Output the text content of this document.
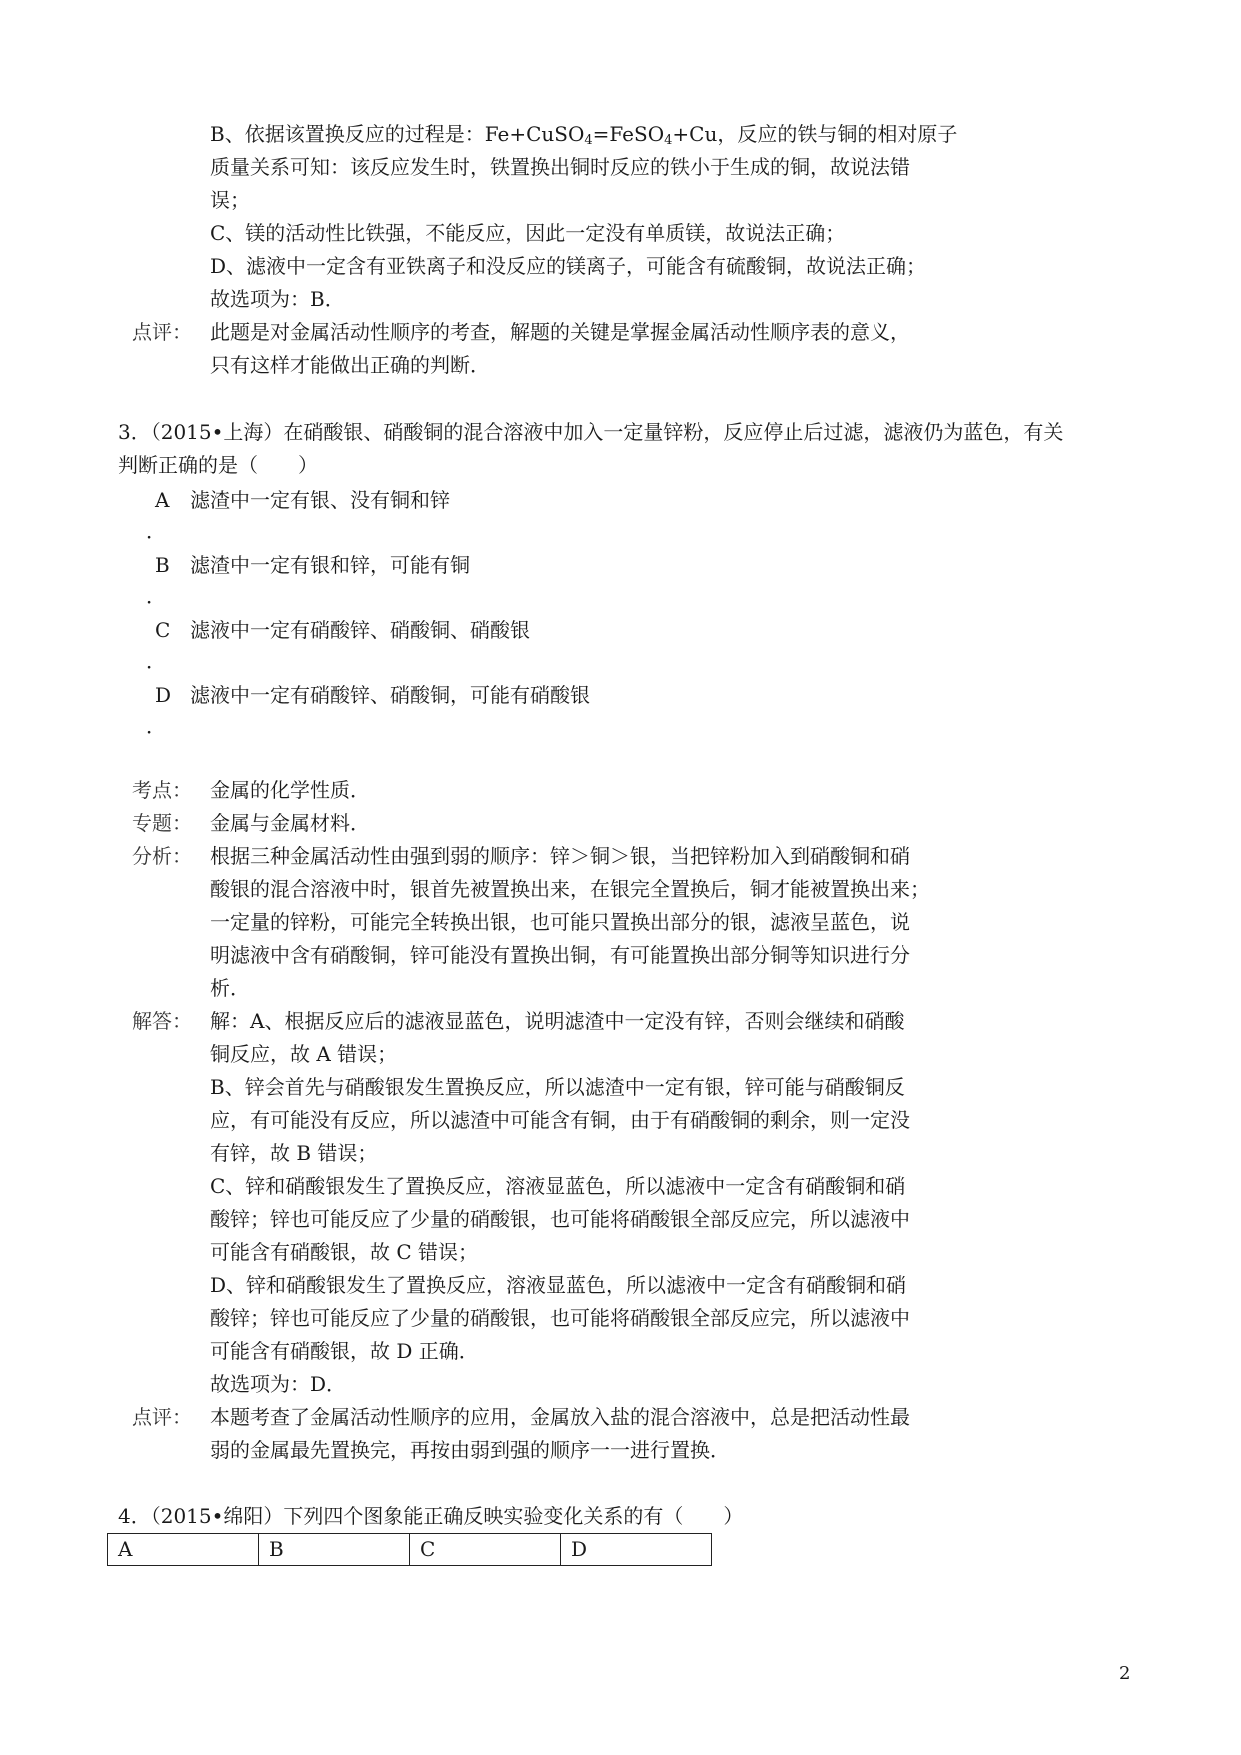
B、依据该置换反应的过程是：Fe+CuSO$_4$=FeSO$_4$+Cu，反应的铁与铜的相对原子
质量关系可知：该反应发生时，铁置换出铜时反应的铁小于生成的铜，故说法错
误；
C、镁的活动性比铁强，不能反应，因此一定没有单质镁，故说法正确；
D、滤液中一定含有亚铁离子和没反应的镁离子，可能含有硫酸铜，故说法正确；
故选项为：B．
点评： 此题是对金属活动性顺序的考查，解题的关键是掌握金属活动性顺序表的意义，
只有这样才能做出正确的判断．
3．（2015•上海）在硝酸银、硝酸铜的混合溶液中加入一定量锌粉，反应停止后过滤，滤液仍为蓝色，有关
判断正确的是（　　）
A 滤渣中一定有银、没有铜和锌
．
B 滤渣中一定有银和锌，可能有铜
．
C 滤液中一定有硝酸锌、硝酸铜、硝酸银
．
D 滤液中一定有硝酸锌、硝酸铜，可能有硝酸银
．
考点： 金属的化学性质．
专题： 金属与金属材料．
分析： 根据三种金属活动性由强到弱的顺序：锌＞铜＞银，当把锌粉加入到硝酸铜和硝
酸银的混合溶液中时，银首先被置换出来，在银完全置换后，铜才能被置换出来；
一定量的锌粉，可能完全转换出银，也可能只置换出部分的银，滤液呈蓝色，说
明滤液中含有硝酸铜，锌可能没有置换出铜，有可能置换出部分铜等知识进行分
析．
解答： 解：A、根据反应后的滤液显蓝色，说明滤渣中一定没有锌，否则会继续和硝酸
铜反应，故 A 错误；
B、锌会首先与硝酸银发生置换反应，所以滤渣中一定有银，锌可能与硝酸铜反
应，有可能没有反应，所以滤渣中可能含有铜，由于有硝酸铜的剩余，则一定没
有锌，故 B 错误；
C、锌和硝酸银发生了置换反应，溶液显蓝色，所以滤液中一定含有硝酸铜和硝
酸锌；锌也可能反应了少量的硝酸银，也可能将硝酸银全部反应完，所以滤液中
可能含有硝酸银，故 C 错误；
D、锌和硝酸银发生了置换反应，溶液显蓝色，所以滤液中一定含有硝酸铜和硝
酸锌；锌也可能反应了少量的硝酸银，也可能将硝酸银全部反应完，所以滤液中
可能含有硝酸银，故 D 正确．
故选项为：D．
点评： 本题考查了金属活动性顺序的应用，金属放入盐的混合溶液中，总是把活动性最
弱的金属最先置换完，再按由弱到强的顺序一一进行置换．
4．（2015•绵阳）下列四个图象能正确反映实验变化关系的有（　　）
A	B	C	D
2
